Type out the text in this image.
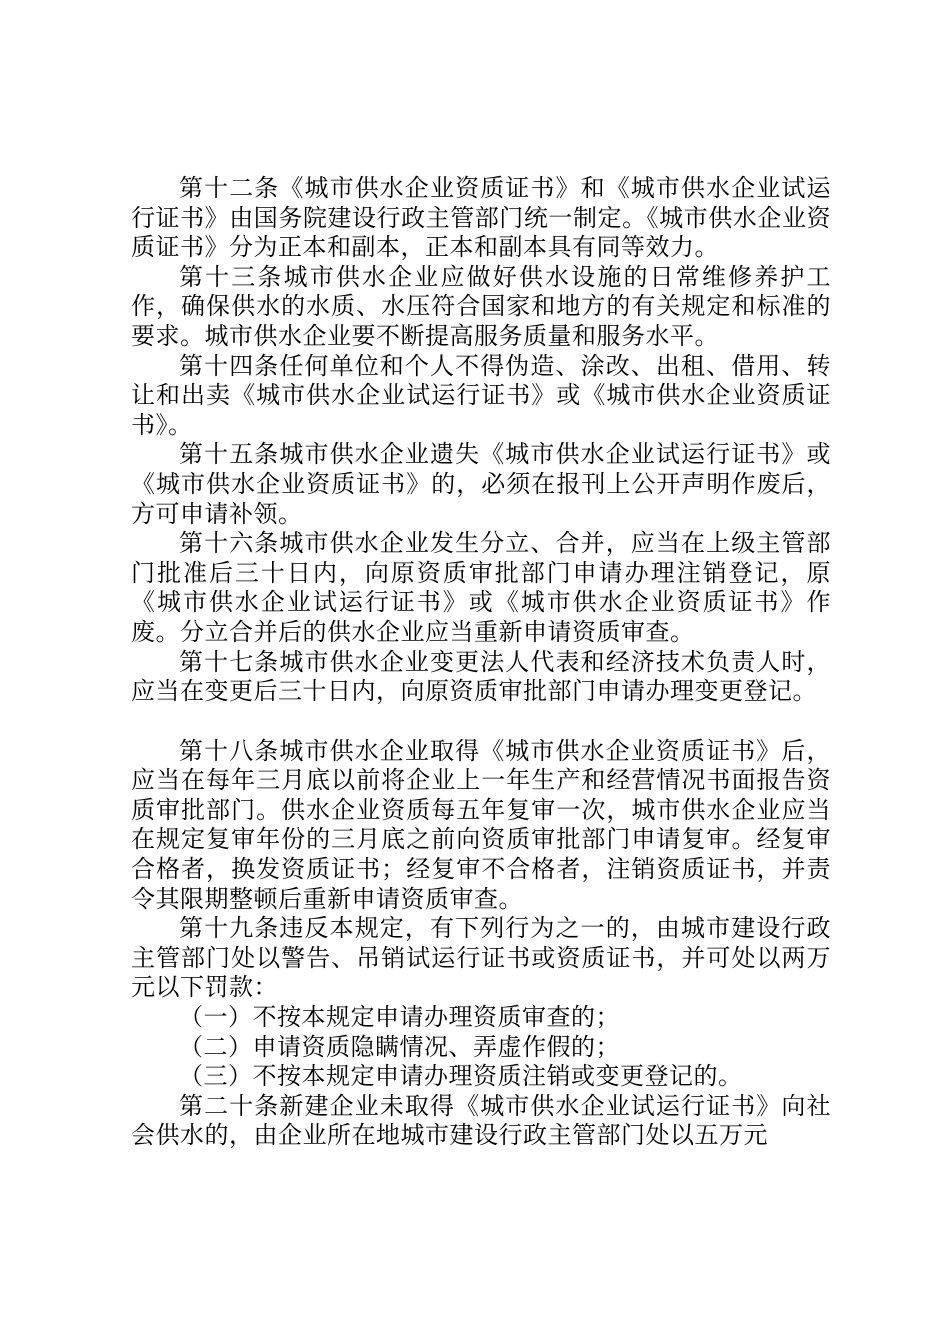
第十二条《城市供水企业资质证书》和《城市供水企业试运行证书》由国务院建设行政主管部门统一制定。《城市供水企业资质证书》分为正本和副本，正本和副本具有同等效力。

第十三条城市供水企业应做好供水设施的日常维修养护工作，确保供水的水质、水压符合国家和地方的有关规定和标准的要求。城市供水企业要不断提高服务质量和服务水平。

第十四条任何单位和个人不得伪造、涂改、出租、借用、转让和出卖《城市供水企业试运行证书》或《城市供水企业资质证书》。

第十五条城市供水企业遗失《城市供水企业试运行证书》或《城市供水企业资质证书》的，必须在报刊上公开声明作废后，方可申请补领。

第十六条城市供水企业发生分立、合并，应当在上级主管部门批准后三十日内，向原资质审批部门申请办理注销登记，原《城市供水企业试运行证书》或《城市供水企业资质证书》作废。分立合并后的供水企业应当重新申请资质审查。

第十七条城市供水企业变更法人代表和经济技术负责人时，应当在变更后三十日内，向原资质审批部门申请办理变更登记。

第十八条城市供水企业取得《城市供水企业资质证书》后，应当在每年三月底以前将企业上一年生产和经营情况书面报告资质审批部门。供水企业资质每五年复审一次，城市供水企业应当在规定复审年份的三月底之前向资质审批部门申请复审。经复审合格者，换发资质证书；经复审不合格者，注销资质证书，并责令其限期整顿后重新申请资质审查。

第十九条违反本规定，有下列行为之一的，由城市建设行政主管部门处以警告、吊销试运行证书或资质证书，并可处以两万元以下罚款：

（一）不按本规定申请办理资质审查的；

（二）申请资质隐瞒情况、弄虚作假的；

（三）不按本规定申请办理资质注销或变更登记的。

第二十条新建企业未取得《城市供水企业试运行证书》向社会供水的，由企业所在地城市建设行政主管部门处以五万元
